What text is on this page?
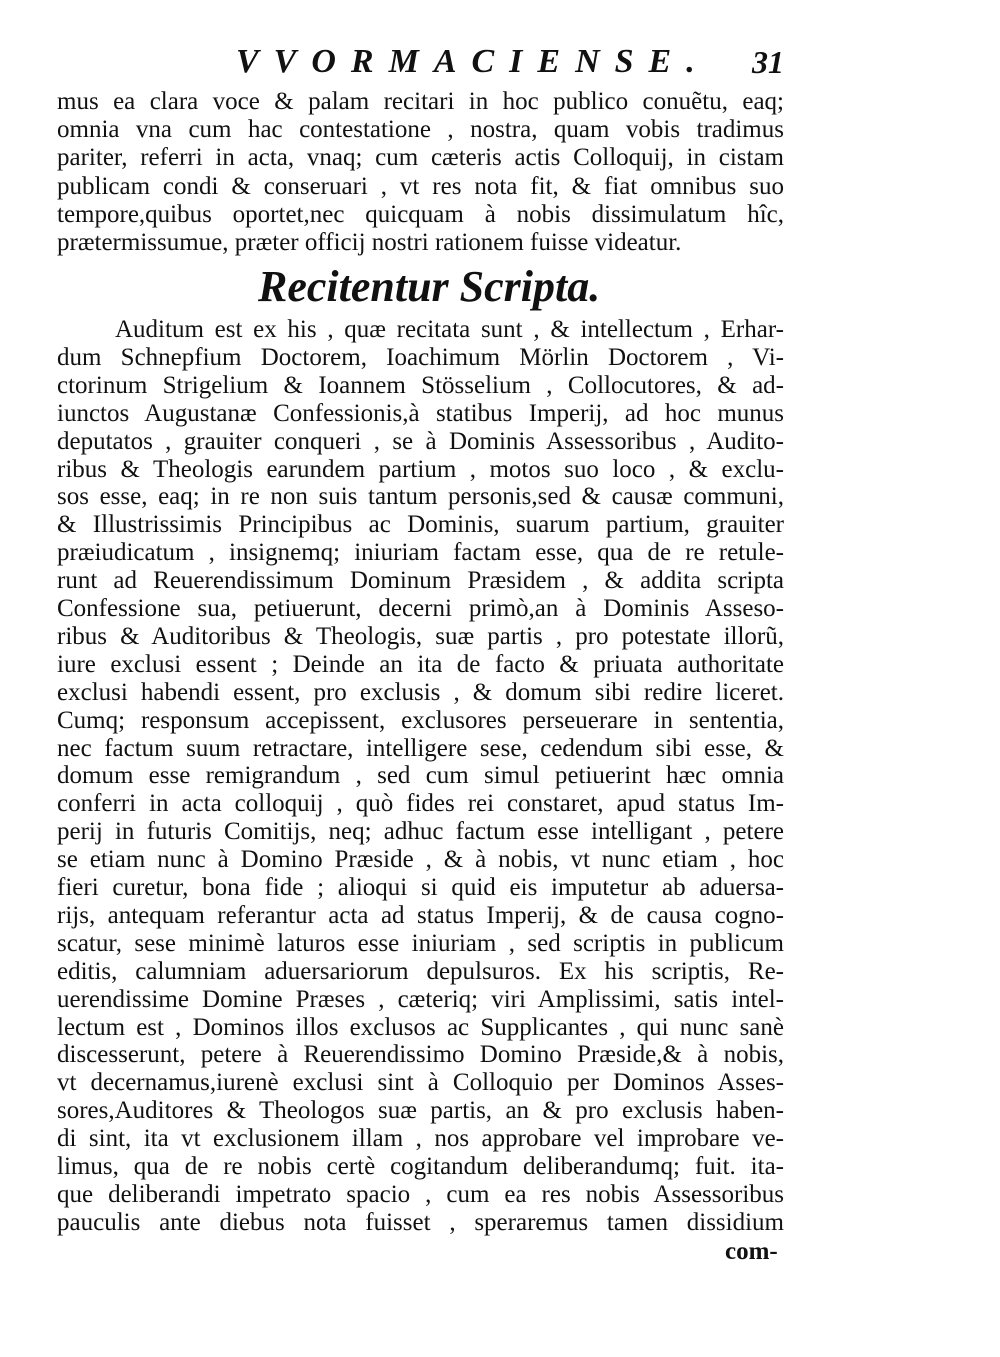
VVORMACIENSE. 31
mus ea clara voce & palam recitari in hoc publico conuẽtu, eaq;
omnia vna cum hac contestatione , nostra, quam vobis tradimus
pariter, referri in acta, vnaq; cum cæteris actis Colloquij, in cistam
publicam condi & conseruari , vt res nota fit, & fiat omnibus suo
tempore,quibus oportet,nec quicquam à nobis dissimulatum hîc,
prætermissumue, præter officij nostri rationem fuisse videatur.
Recitentur Scripta.
Auditum est ex his , quæ recitata sunt , & intellectum , Erhar-
dum Schnepfium Doctorem, Ioachimum Mörlin Doctorem , Vi-
ctorinum Strigelium & Ioannem Stösselium , Collocutores, & ad-
iunctos Augustanæ Confessionis,à statibus Imperij, ad hoc munus
deputatos , grauiter conqueri , se à Dominis Assessoribus , Audito-
ribus & Theologis earundem partium , motos suo loco , & exclu-
sos esse, eaq; in re non suis tantum personis,sed & causæ communi,
& Illustrissimis Principibus ac Dominis, suarum partium, grauiter
præiudicatum , insignemq; iniuriam factam esse, qua de re retule-
runt ad Reuerendissimum Dominum Præsidem , & addita scripta
Confessione sua, petiuerunt, decerni primò,an à Dominis Asseso-
ribus & Auditoribus & Theologis, suæ partis , pro potestate illorũ,
iure exclusi essent ; Deinde an ita de facto & priuata authoritate
exclusi habendi essent, pro exclusis , & domum sibi redire liceret.
Cumq; responsum accepissent, exclusores perseuerare in sententia,
nec factum suum retractare, intelligere sese, cedendum sibi esse, &
domum esse remigrandum , sed cum simul petiuerint hæc omnia
conferri in acta colloquij , quò fides rei constaret, apud status Im-
perij in futuris Comitijs, neq; adhuc factum esse intelligant , petere
se etiam nunc à Domino Præside , & à nobis, vt nunc etiam , hoc
fieri curetur, bona fide ; alioqui si quid eis imputetur ab aduersa-
rijs, antequam referantur acta ad status Imperij, & de causa cogno-
scatur, sese minimè laturos esse iniuriam , sed scriptis in publicum
editis, calumniam aduersariorum depulsuros. Ex his scriptis, Re-
uerendissime Domine Præses , cæteriq; viri Amplissimi, satis intel-
lectum est , Dominos illos exclusos ac Supplicantes , qui nunc sanè
discesserunt, petere à Reuerendissimo Domino Præside,& à nobis,
vt decernamus,iurenè exclusi sint à Colloquio per Dominos Asses-
sores,Auditores & Theologos suæ partis, an & pro exclusis haben-
di sint, ita vt exclusionem illam , nos approbare vel improbare ve-
limus, qua de re nobis certè cogitandum deliberandumq; fuit. ita-
que deliberandi impetrato spacio , cum ea res nobis Assessoribus
pauculis ante diebus nota fuisset , speraremus tamen dissidium
com-
